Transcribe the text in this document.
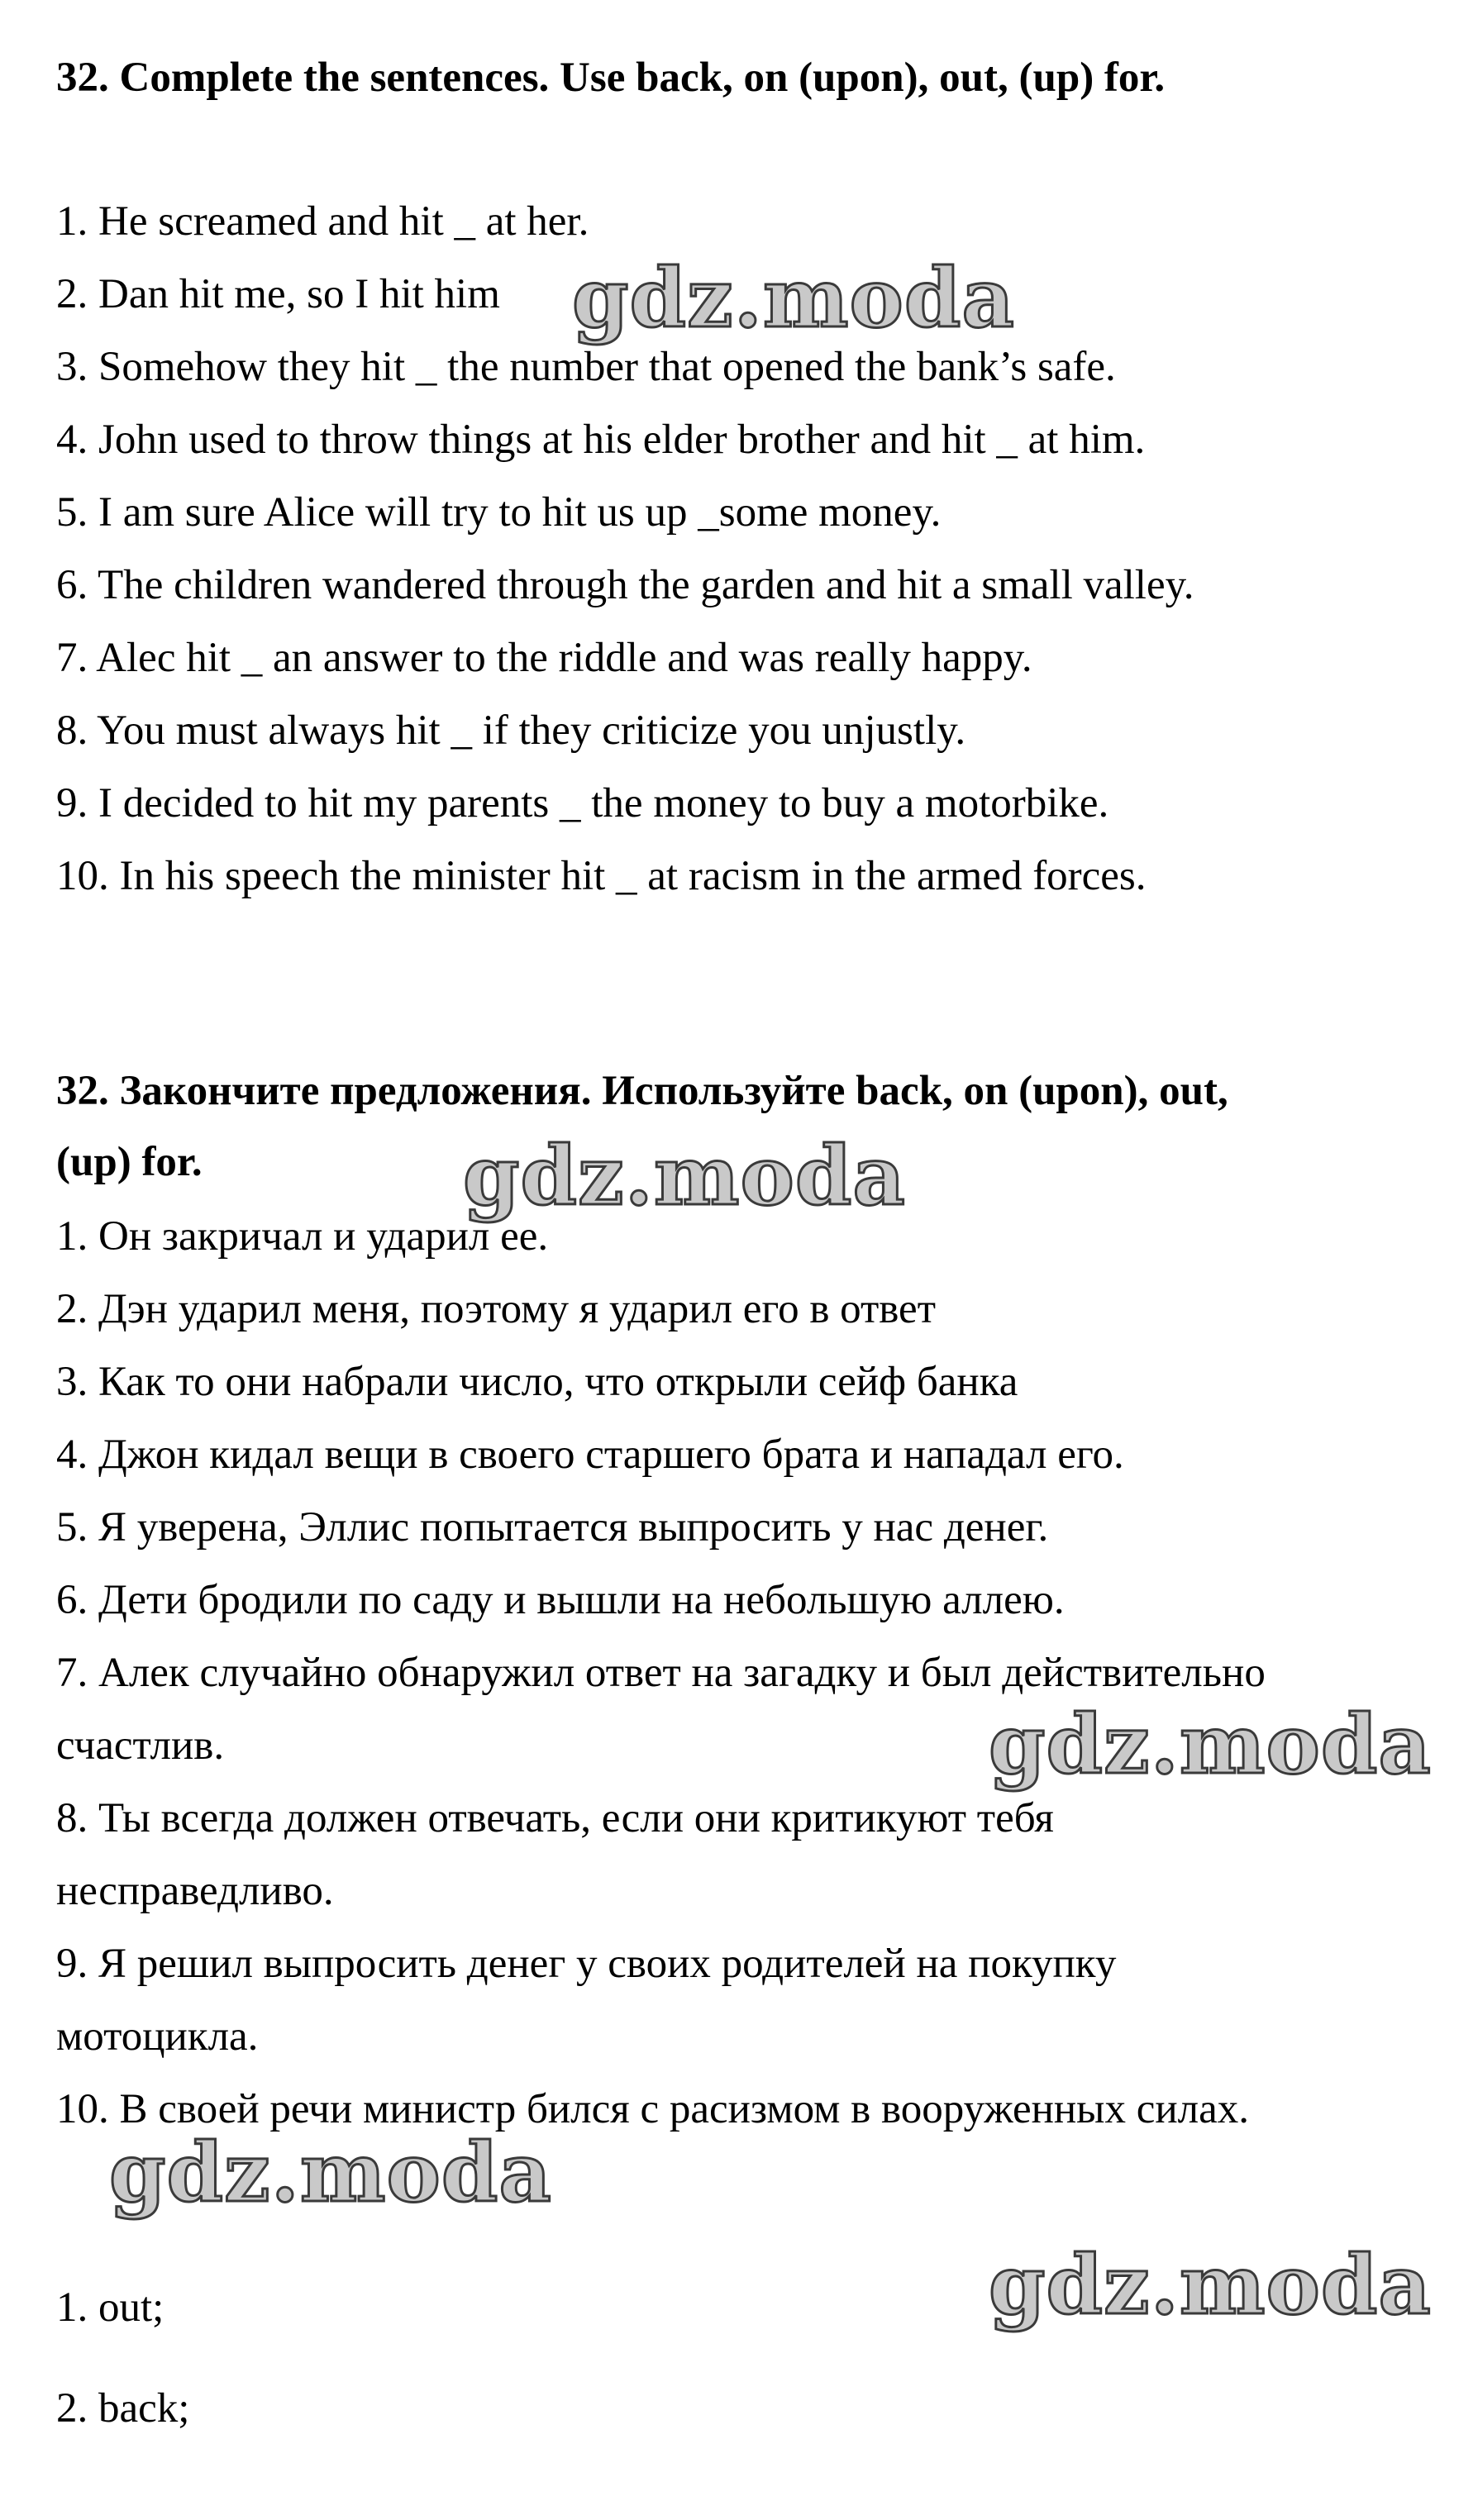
32. Complete the sentences. Use back, on (upon), out, (up) for.

1. He screamed and hit _ at her.

2. Dan hit me, so I hit him

3. Somehow they hit _ the number that opened the bank’s safe.

4. John used to throw things at his elder brother and hit _ at him.

5. I am sure Alice will try to hit us up _some money.

6. The children wandered through the garden and hit a small valley.

7. Alec hit _ an answer to the riddle and was really happy.

8. You must always hit _ if they criticize you unjustly.

9. I decided to hit my parents _ the money to buy a motorbike.

10. In his speech the minister hit _ at racism in the armed forces.

32. Закончите предложения. Используйте back, on (upon), out,

(up) for.

1. Он закричал и ударил ее.

2. Дэн ударил меня, поэтому я ударил его в ответ

3. Как то они набрали число, что открыли сейф банка

4. Джон кидал вещи в своего старшего брата и нападал его.

5. Я уверена, Эллис попытается выпросить у нас денег.

6. Дети бродили по саду и вышли на небольшую аллею.

7. Алек случайно обнаружил ответ на загадку и был действительно

счастлив.

8. Ты всегда должен отвечать, если они критикуют тебя

несправедливо.

9. Я решил выпросить денег у своих родителей на покупку

мотоцикла.

10. В своей речи министр бился с расизмом в вооруженных силах.

1. out;

2. back;

gdz.moda
gdz.moda
gdz.moda
gdz.moda
gdz.moda
